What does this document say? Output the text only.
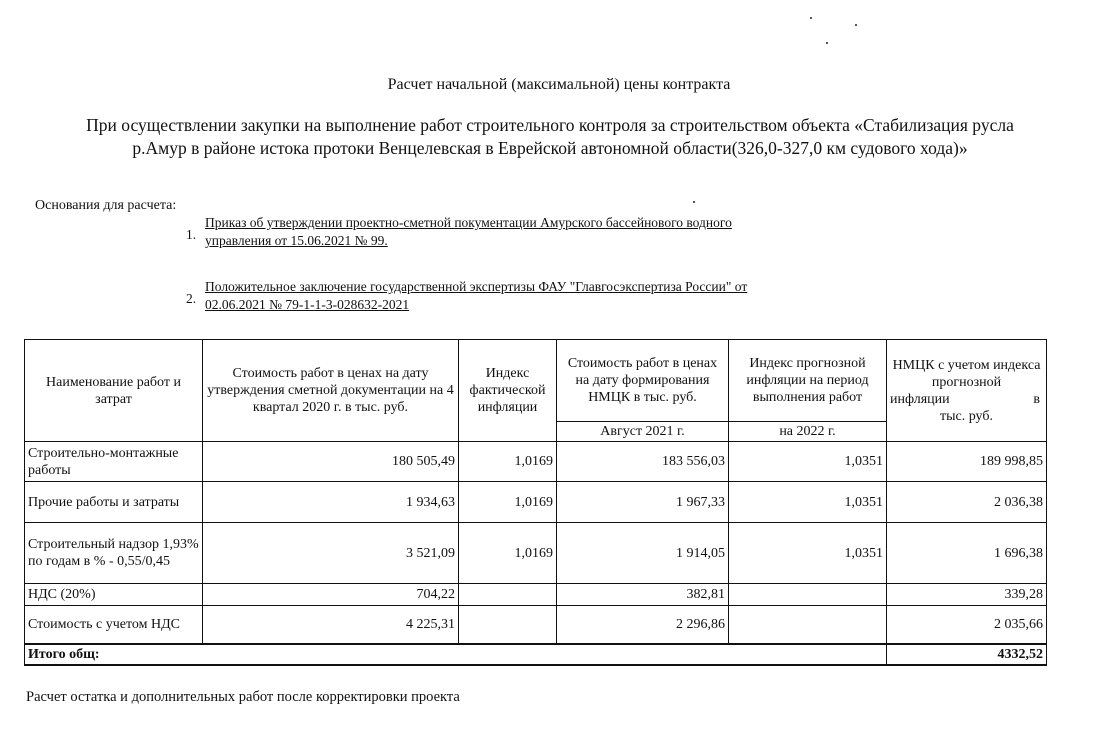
Расчет начальной (максимальной) цены контракта
При осуществлении закупки на выполнение работ строительного контроля за строительством объекта «Стабилизация русла
р.Амур в районе истока протоки Венцелевская в Еврейской автономной области(326,0-327,0 км судового хода)»
Основания для расчета:
1.
Приказ об утверждении проектно-сметной покументации Амурского бассейнового водного
управления от 15.06.2021 № 99.
2.
Положительное заключение государственной экспертизы ФАУ "Главгосэкспертиза России" от
02.06.2021 № 79-1-1-3-028632-2021
Наименование работ и затрат	Стоимость работ в ценах на дату утверждения сметной документации на 4 квартал 2020 г. в тыс. руб.	Индекс фактической инфляции	Стоимость работ в ценах на дату формирования НМЦК в тыс. руб.	Индекс прогнозной инфляции на период выполнения работ	НМЦК с учетом индекса прогнозной
инфляции в
тыс. руб.

			Август 2021 г.	на 2022 г.	
Строительно-монтажные работы	180 505,49	1,0169	183 556,03	1,0351	189 998,85
Прочие работы и затраты	1 934,63	1,0169	1 967,33	1,0351	2 036,38
Строительный надзор 1,93% по годам в % - 0,55/0,45	3 521,09	1,0169	1 914,05	1,0351	1 696,38
НДС (20%)	704,22		382,81		339,28
Стоимость с учетом НДС	4 225,31		2 296,86		2 035,66
Итого общ:					4332,52
Расчет остатка и дополнительных работ после корректировки проекта
